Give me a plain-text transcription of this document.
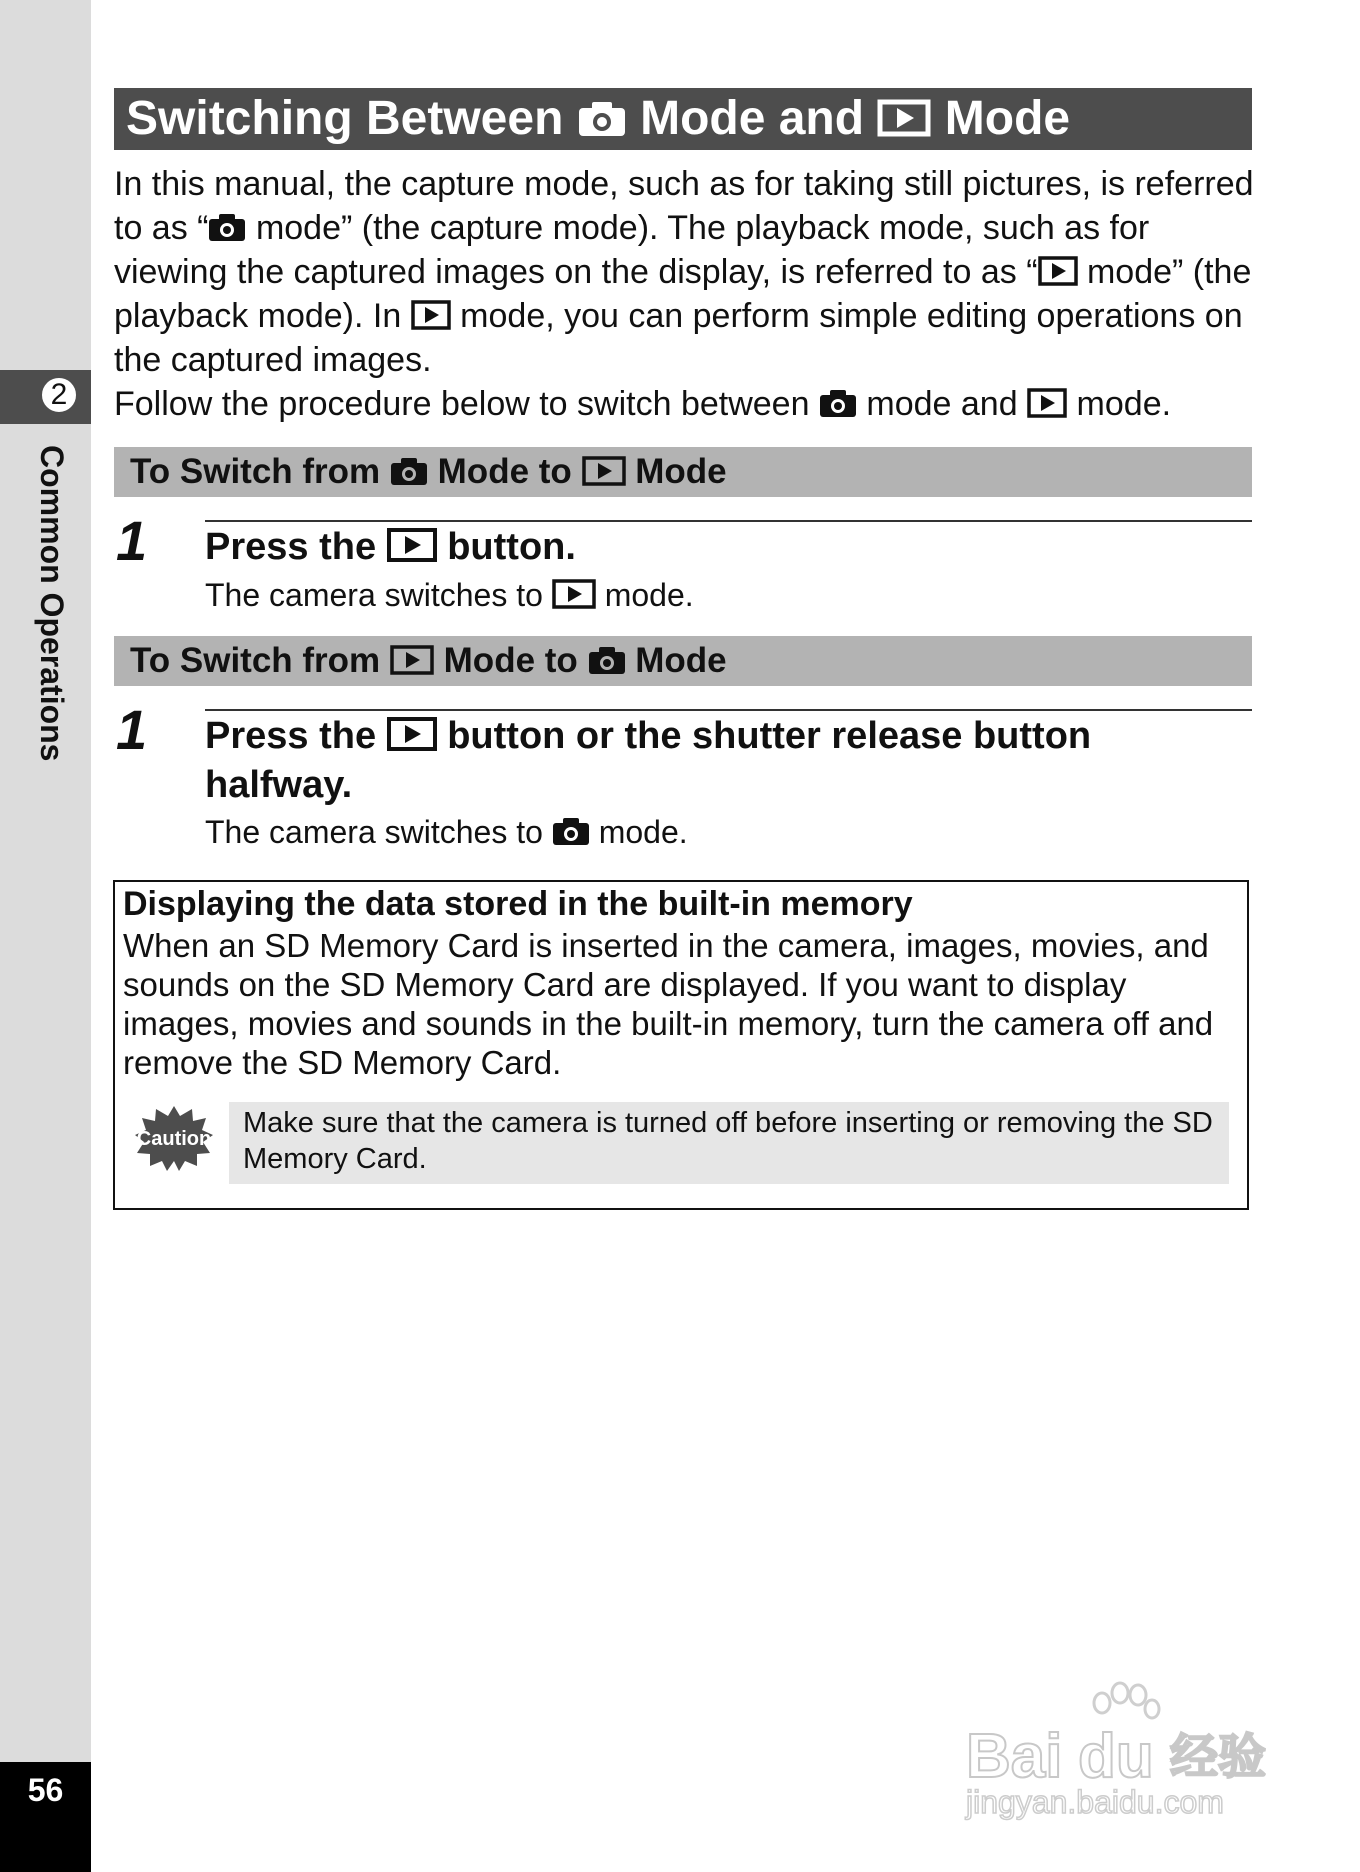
2
Common Operations
56
Switching Between Mode and Mode

In this manual, the capture mode, such as for taking still pictures, is referred to as “ mode” (the capture mode). The playback mode, such as for viewing the captured images on the display, is referred to as “ mode” (the playback mode). In mode, you can perform simple editing operations on the captured images.

Follow the procedure below to switch between mode and mode.

To Switch from Mode to Mode
1 Press the button.
The camera switches to mode.
To Switch from Mode to Mode
1 Press the button or the shutter release button halfway.
The camera switches to mode.
Displaying the data stored in the built-in memory
When an SD Memory Card is inserted in the camera, images, movies, and sounds on the SD Memory Card are displayed. If you want to display images, movies and sounds in the built-in memory, turn the camera off and remove the SD Memory Card.
Caution	Make sure that the camera is turned off before inserting or removing the SD Memory Card.
Bai du 经验
jingyan.baidu.com
